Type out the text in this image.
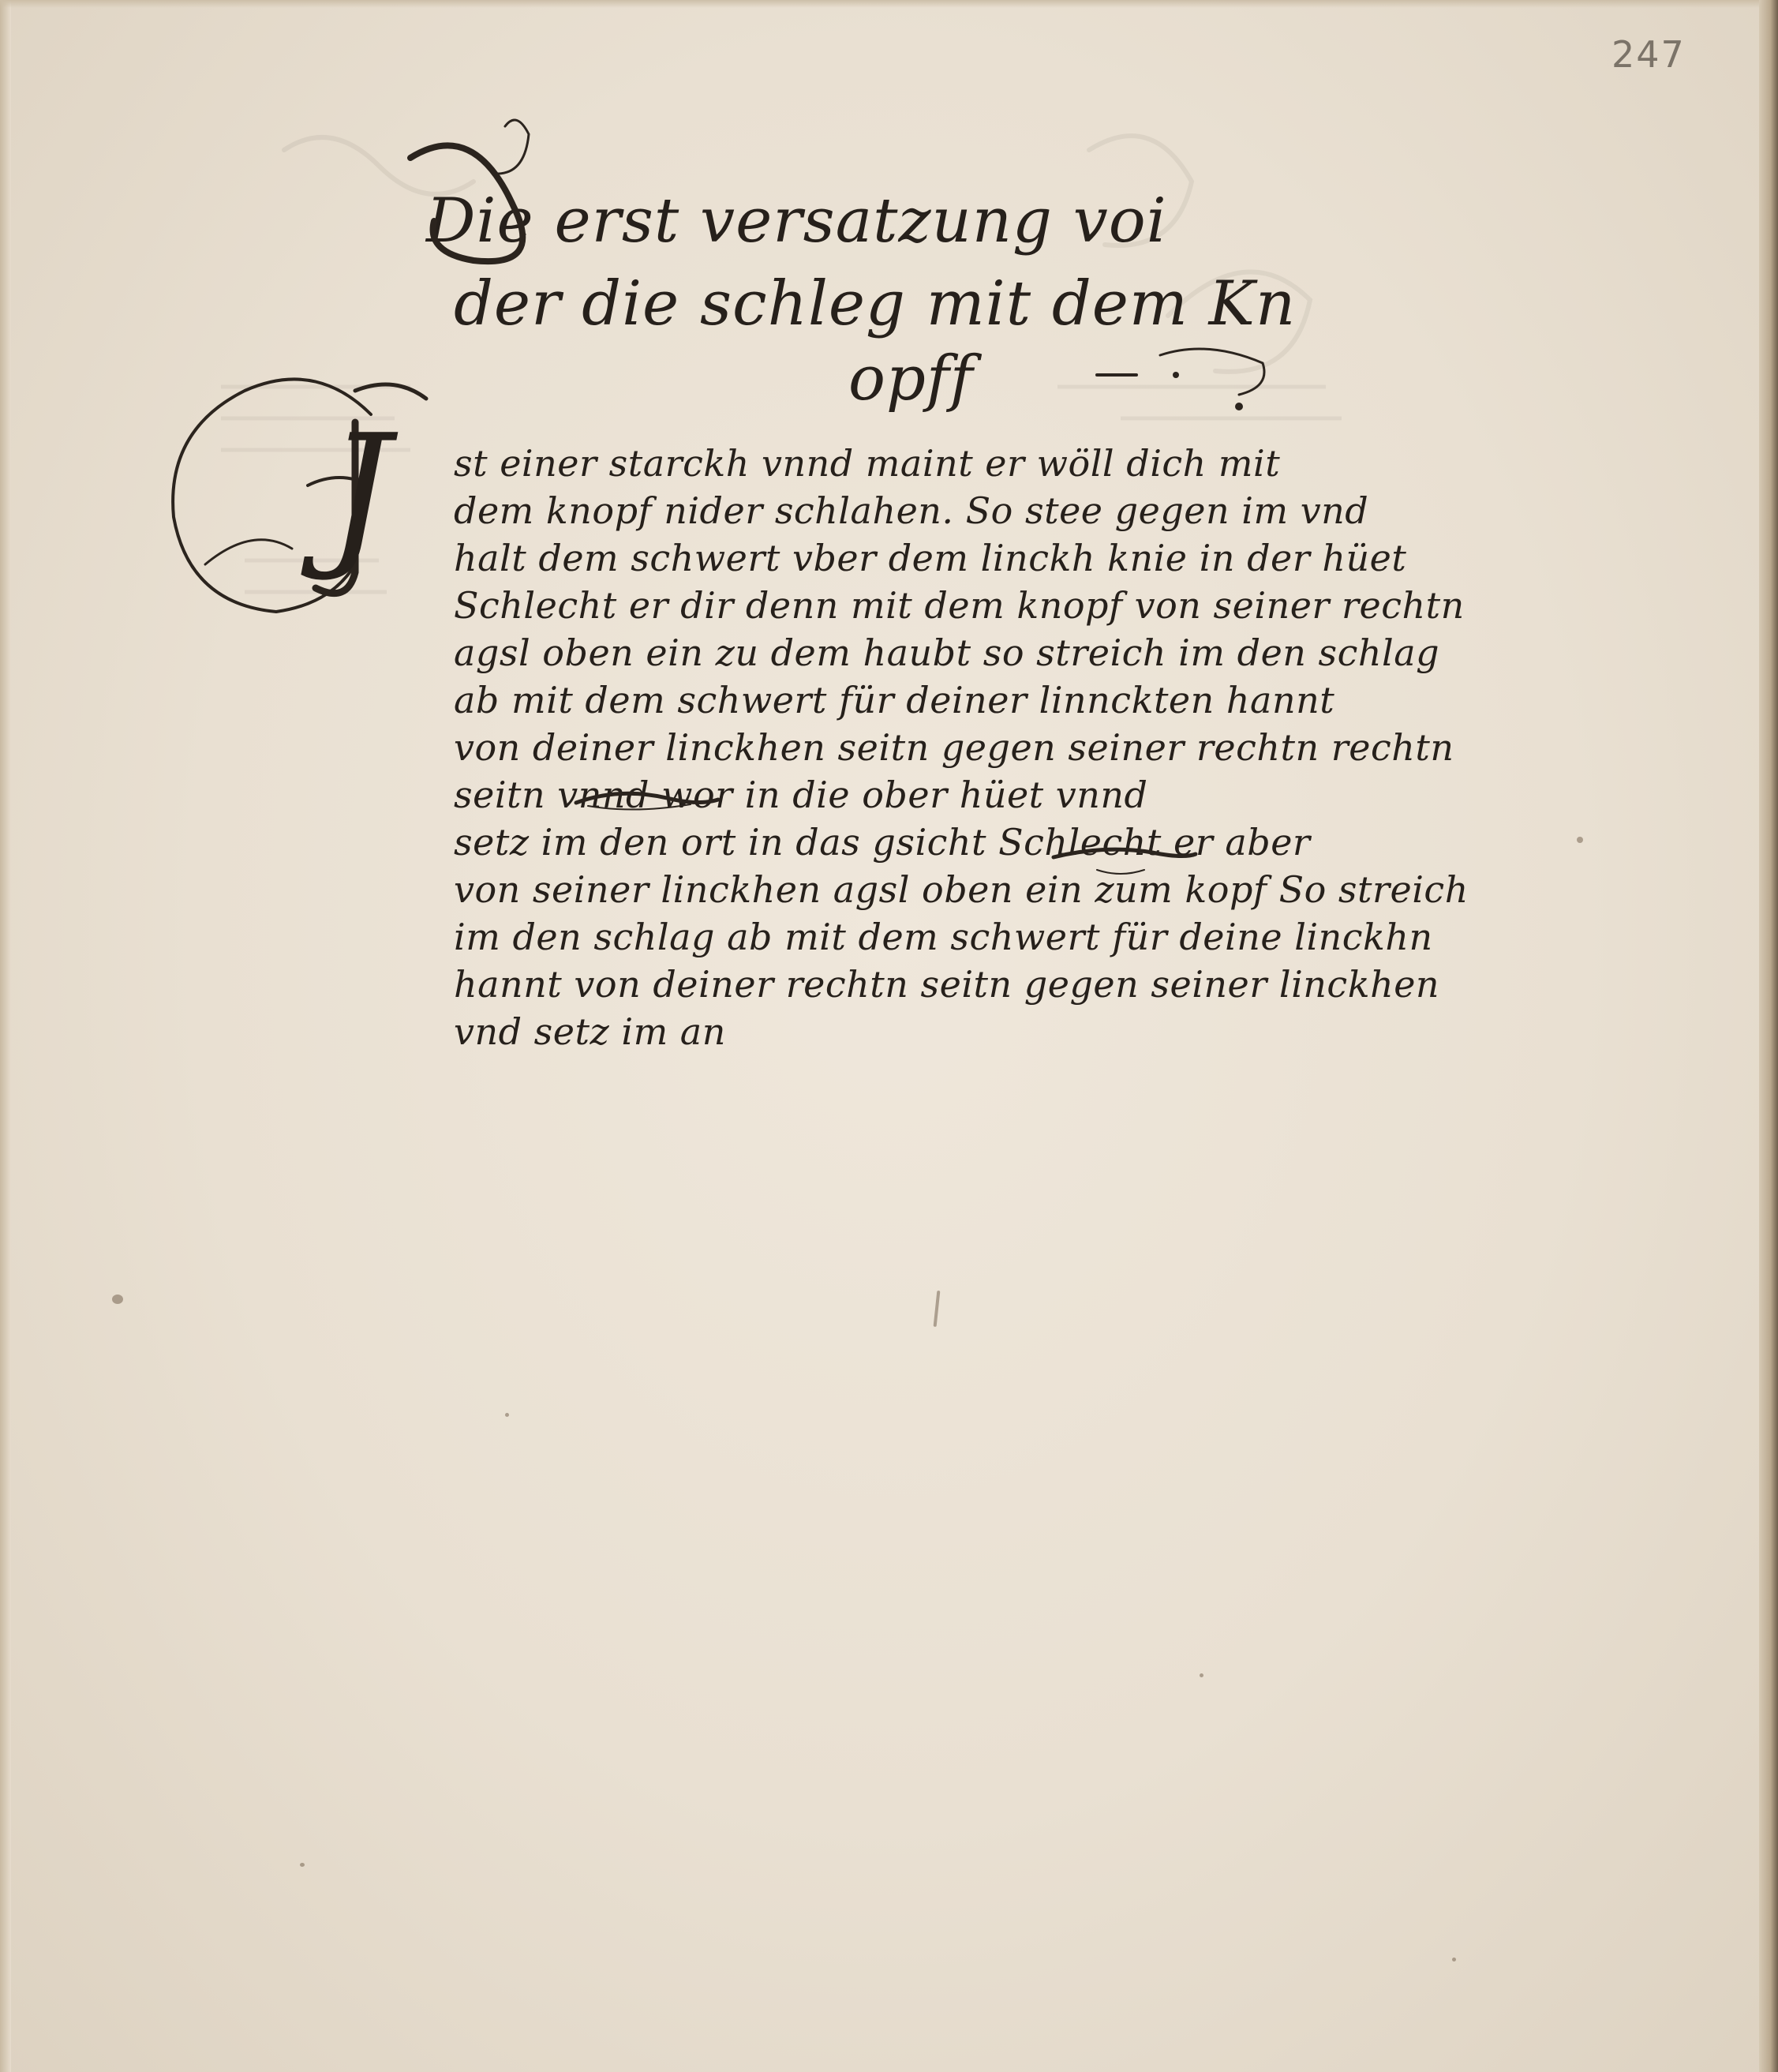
247
Die erst versatzung voi
der die schleg mit dem Kn
opff
J st einer starckh vnnd maint er wöll dich mit
dem knopf nider schlahen. So stee gegen im vnd
halt dem schwert vber dem linckh knie in der hüet
Schlecht er dir denn mit dem knopf von seiner rechtn
agsl oben ein zu dem haubt so streich im den schlag
ab mit dem schwert für deiner linnckten hannt
von deiner linckhen seitn gegen seiner rechtn rechtn
seitn vnnd wor in die ober hüet vnnd
setz im den ort in das gsicht Schlecht er aber
von seiner linckhen agsl oben ein zum kopf So streich
im den schlag ab mit dem schwert für deine linckhn
hannt von deiner rechtn seitn gegen seiner linckhen
vnd setz im an
